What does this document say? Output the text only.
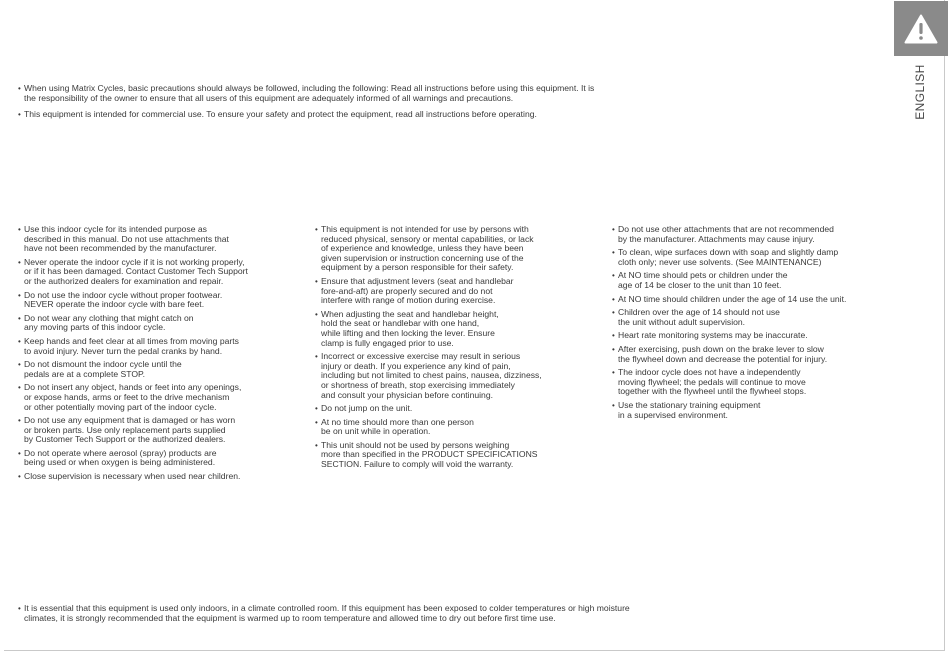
ENGLISH
• When using Matrix Cycles, basic precautions should always be followed, including the following: Read all instructions before using this equipment. It is
the responsibility of the owner to ensure that all users of this equipment are adequately informed of all warnings and precautions.
• This equipment is intended for commercial use. To ensure your safety and protect the equipment, read all instructions before operating.
• Use this indoor cycle for its intended purpose as
described in this manual. Do not use attachments that
have not been recommended by the manufacturer.
• Never operate the indoor cycle if it is not working properly,
or if it has been damaged. Contact Customer Tech Support
or the authorized dealers for examination and repair.
• Do not use the indoor cycle without proper footwear.
NEVER operate the indoor cycle with bare feet.
• Do not wear any clothing that might catch on
any moving parts of this indoor cycle.
• Keep hands and feet clear at all times from moving parts
to avoid injury. Never turn the pedal cranks by hand.
• Do not dismount the indoor cycle until the
pedals are at a complete STOP.
• Do not insert any object, hands or feet into any openings,
or expose hands, arms or feet to the drive mechanism
or other potentially moving part of the indoor cycle.
• Do not use any equipment that is damaged or has worn
or broken parts. Use only replacement parts supplied
by Customer Tech Support or the authorized dealers.
• Do not operate where aerosol (spray) products are
being used or when oxygen is being administered.
• Close supervision is necessary when used near children.
• This equipment is not intended for use by persons with
reduced physical, sensory or mental capabilities, or lack
of experience and knowledge, unless they have been
given supervision or instruction concerning use of the
equipment by a person responsible for their safety.
• Ensure that adjustment levers (seat and handlebar
fore-and-aft) are properly secured and do not
interfere with range of motion during exercise.
• When adjusting the seat and handlebar height,
hold the seat or handlebar with one hand,
while lifting and then locking the lever. Ensure
clamp is fully engaged prior to use.
• Incorrect or excessive exercise may result in serious
injury or death. If you experience any kind of pain,
including but not limited to chest pains, nausea, dizziness,
or shortness of breath, stop exercising immediately
and consult your physician before continuing.
• Do not jump on the unit.
• At no time should more than one person
be on unit while in operation.
• This unit should not be used by persons weighing
more than specified in the PRODUCT SPECIFICATIONS
SECTION. Failure to comply will void the warranty.
• Do not use other attachments that are not recommended
by the manufacturer. Attachments may cause injury.
• To clean, wipe surfaces down with soap and slightly damp
cloth only; never use solvents. (See MAINTENANCE)
• At NO time should pets or children under the
age of 14 be closer to the unit than 10 feet.
• At NO time should children under the age of 14 use the unit.
• Children over the age of 14 should not use
the unit without adult supervision.
• Heart rate monitoring systems may be inaccurate.
• After exercising, push down on the brake lever to slow
the flywheel down and decrease the potential for injury.
• The indoor cycle does not have a independently
moving flywheel; the pedals will continue to move
together with the flywheel until the flywheel stops.
• Use the stationary training equipment
in a supervised environment.
• It is essential that this equipment is used only indoors, in a climate controlled room. If this equipment has been exposed to colder temperatures or high moisture
climates, it is strongly recommended that the equipment is warmed up to room temperature and allowed time to dry out before first time use.
